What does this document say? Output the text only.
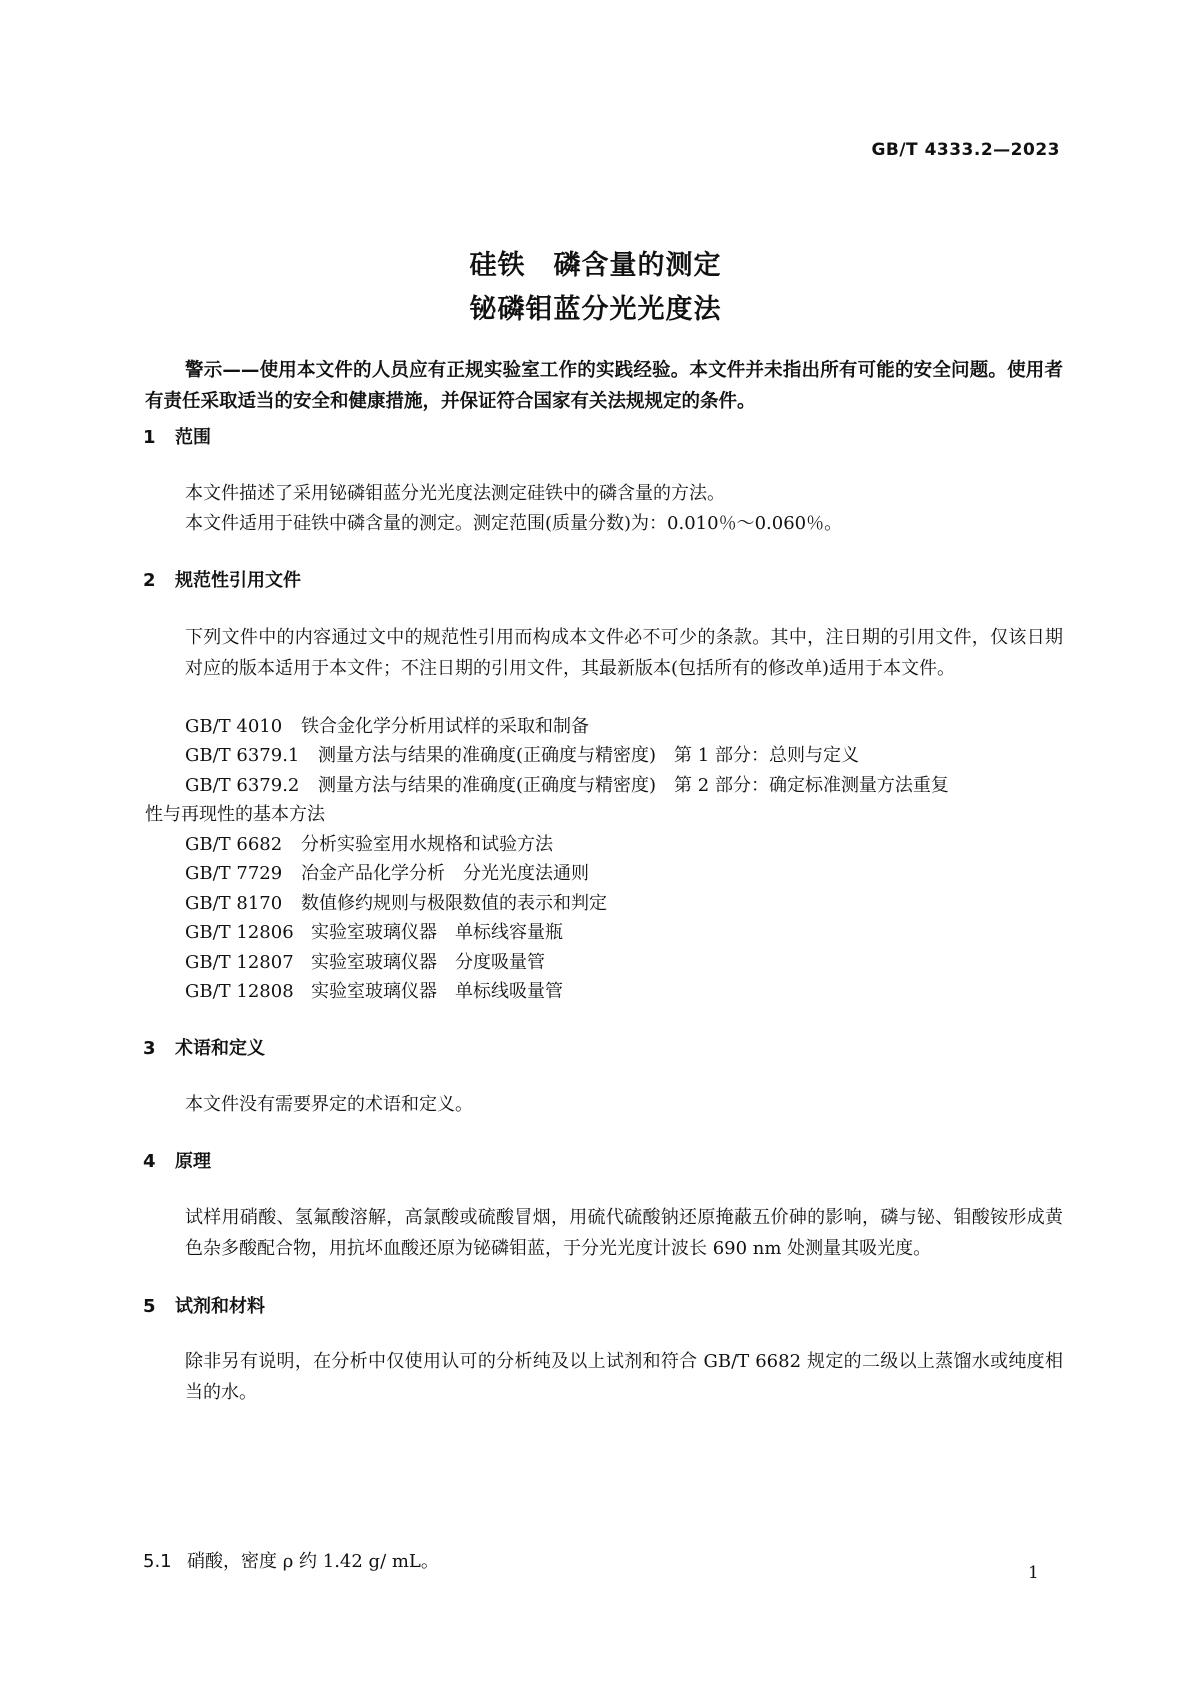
GB/T 4333.2—2023
硅铁　磷含量的测定
铋磷钼蓝分光光度法
警示——使用本文件的人员应有正规实验室工作的实践经验。本文件并未指出所有可能的安全问题。使用者有责任采取适当的安全和健康措施，并保证符合国家有关法规规定的条件。
1 范围
本文件描述了采用铋磷钼蓝分光光度法测定硅铁中的磷含量的方法。
本文件适用于硅铁中磷含量的测定。测定范围(质量分数)为：0.010％～0.060％。
2 规范性引用文件
下列文件中的内容通过文中的规范性引用而构成本文件必不可少的条款。其中，注日期的引用文件，仅该日期对应的版本适用于本文件；不注日期的引用文件，其最新版本(包括所有的修改单)适用于本文件。
GB/T 4010 铁合金化学分析用试样的采取和制备
GB/T 6379.1 测量方法与结果的准确度(正确度与精密度)　第 1 部分：总则与定义
GB/T 6379.2 测量方法与结果的准确度(正确度与精密度)　第 2 部分：确定标准测量方法重复
性与再现性的基本方法
GB/T 6682 分析实验室用水规格和试验方法
GB/T 7729 冶金产品化学分析　分光光度法通则
GB/T 8170 数值修约规则与极限数值的表示和判定
GB/T 12806 实验室玻璃仪器　单标线容量瓶
GB/T 12807 实验室玻璃仪器　分度吸量管
GB/T 12808 实验室玻璃仪器　单标线吸量管
3 术语和定义
本文件没有需要界定的术语和定义。
4 原理
试样用硝酸、氢氟酸溶解，高氯酸或硫酸冒烟，用硫代硫酸钠还原掩蔽五价砷的影响，磷与铋、钼酸铵形成黄色杂多酸配合物，用抗坏血酸还原为铋磷钼蓝，于分光光度计波长 690 nm 处测量其吸光度。
5 试剂和材料
除非另有说明，在分析中仅使用认可的分析纯及以上试剂和符合 GB/T 6682 规定的二级以上蒸馏水或纯度相当的水。
5.1 硝酸，密度 ρ 约 1.42 g/ mL。
1
